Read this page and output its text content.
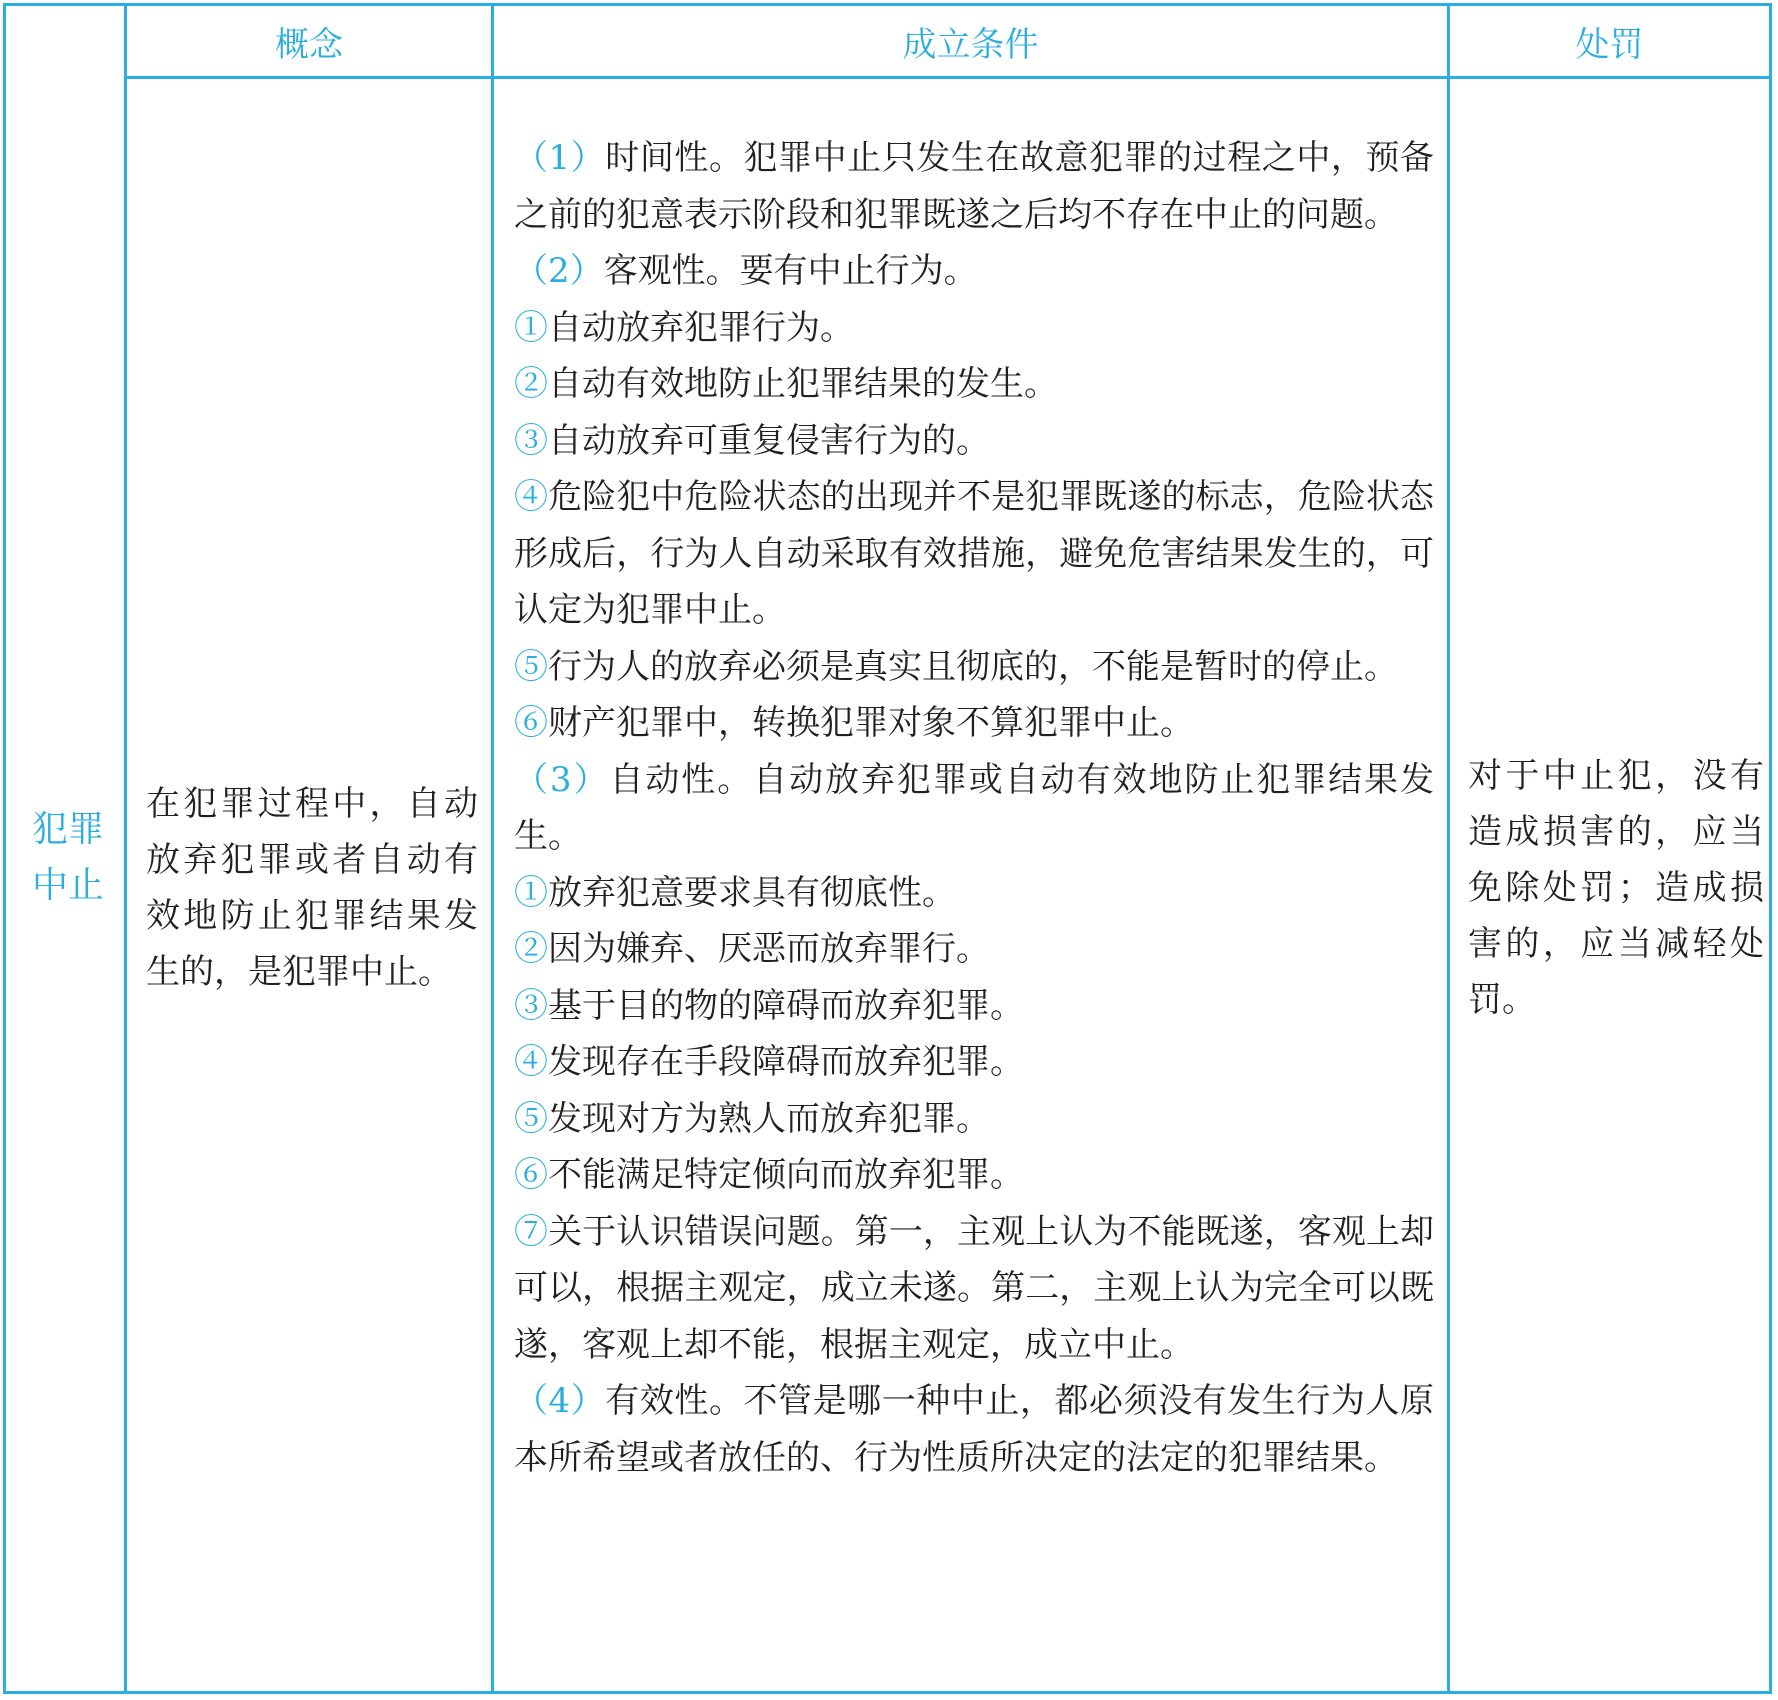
概念	成立条件	处罚
犯罪中止
在犯罪过程中，自动放弃犯罪或者自动有效地防止犯罪结果发生的，是犯罪中止。

（1）时间性。犯罪中止只发生在故意犯罪的过程之中，预备之前的犯意表示阶段和犯罪既遂之后均不存在中止的问题。

（2）客观性。要有中止行为。

①自动放弃犯罪行为。

②自动有效地防止犯罪结果的发生。

③自动放弃可重复侵害行为的。

④危险犯中危险状态的出现并不是犯罪既遂的标志，危险状态形成后，行为人自动采取有效措施，避免危害结果发生的，可认定为犯罪中止。

⑤行为人的放弃必须是真实且彻底的，不能是暂时的停止。

⑥财产犯罪中，转换犯罪对象不算犯罪中止。

（3）自动性。自动放弃犯罪或自动有效地防止犯罪结果发生。

①放弃犯意要求具有彻底性。

②因为嫌弃、厌恶而放弃罪行。

③基于目的物的障碍而放弃犯罪。

④发现存在手段障碍而放弃犯罪。

⑤发现对方为熟人而放弃犯罪。

⑥不能满足特定倾向而放弃犯罪。

⑦关于认识错误问题。第一，主观上认为不能既遂，客观上却可以，根据主观定，成立未遂。第二，主观上认为完全可以既遂，客观上却不能，根据主观定，成立中止。

（4）有效性。不管是哪一种中止，都必须没有发生行为人原本所希望或者放任的、行为性质所决定的法定的犯罪结果。

对于中止犯，没有造成损害的，应当免除处罚；造成损害的，应当减轻处罚。
